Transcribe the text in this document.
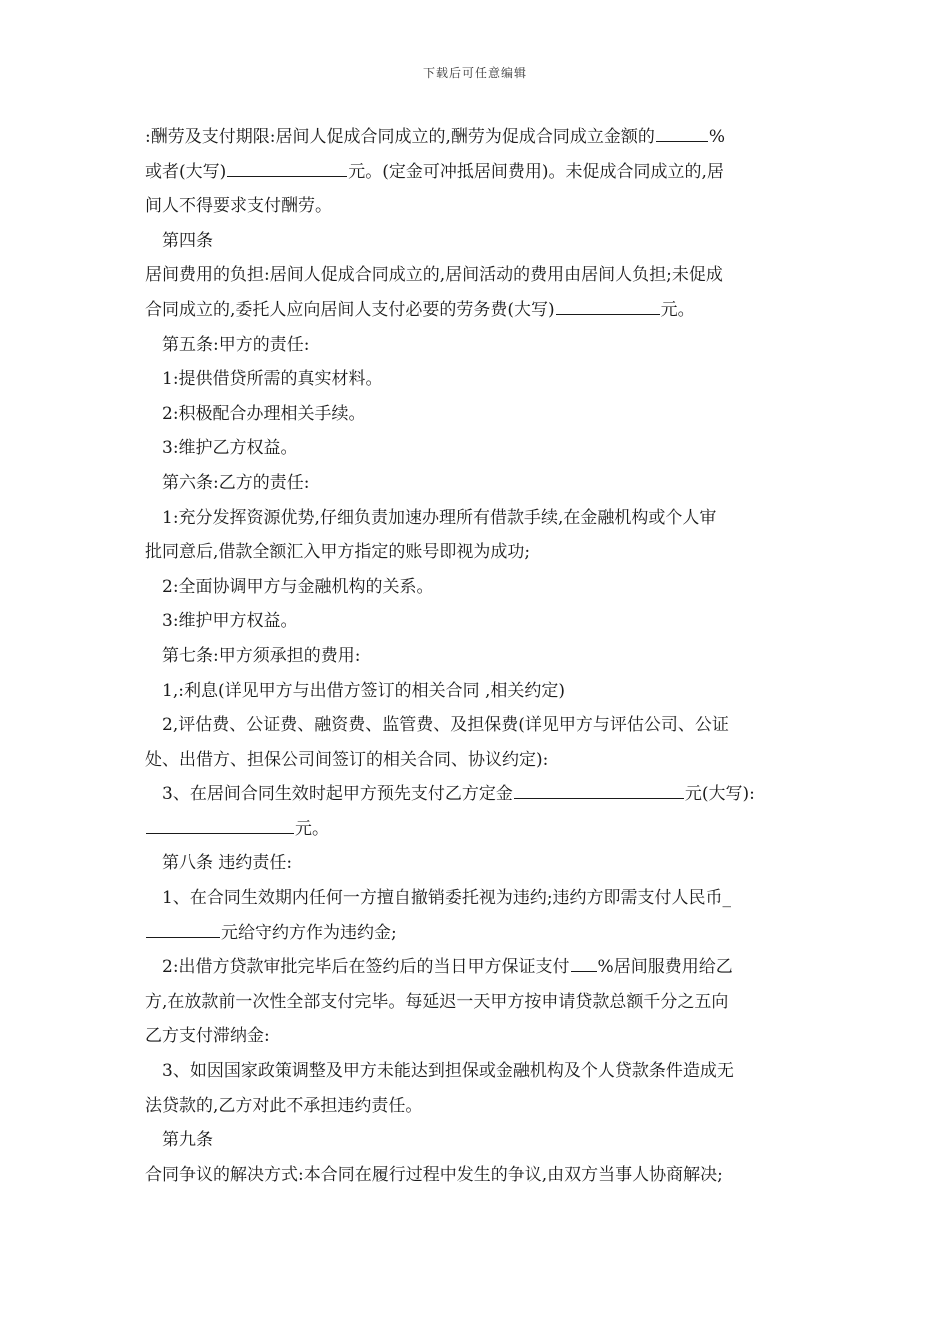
下载后可任意编辑
:酬劳及支付期限:居间人促成合同成立的,酬劳为促成合同成立金额的	%
或者(大写)	元。(定金可冲抵居间费用)。未促成合同成立的,居
间人不得要求支付酬劳。
第四条
居间费用的负担:居间人促成合同成立的,居间活动的费用由居间人负担;未促成
合同成立的,委托人应向居间人支付必要的劳务费(大写)	元。
第五条:甲方的责任:
1:提供借贷所需的真实材料。
2:积极配合办理相关手续。
3:维护乙方权益。
第六条:乙方的责任:
1:充分发挥资源优势,仔细负责加速办理所有借款手续,在金融机构或个人审
批同意后,借款全额汇入甲方指定的账号即视为成功;
2:全面协调甲方与金融机构的关系。
3:维护甲方权益。
第七条:甲方须承担的费用:
1,:利息(详见甲方与出借方签订的相关合同 ,相关约定)
2,评估费、公证费、融资费、监管费、及担保费(详见甲方与评估公司、公证
处、出借方、担保公司间签订的相关合同、协议约定):
3、在居间合同生效时起甲方预先支付乙方定金	元(大写):
元。
第八条 违约责任:
1、在合同生效期内任何一方擅自撤销委托视为违约;违约方即需支付人民币_
元给守约方作为违约金;
2:出借方贷款审批完毕后在签约后的当日甲方保证支付 %居间服费用给乙
方,在放款前一次性全部支付完毕。每延迟一天甲方按申请贷款总额千分之五向
乙方支付滞纳金:
3、如因国家政策调整及甲方未能达到担保或金融机构及个人贷款条件造成无
法贷款的,乙方对此不承担违约责任。
第九条
合同争议的解决方式:本合同在履行过程中发生的争议,由双方当事人协商解决;
